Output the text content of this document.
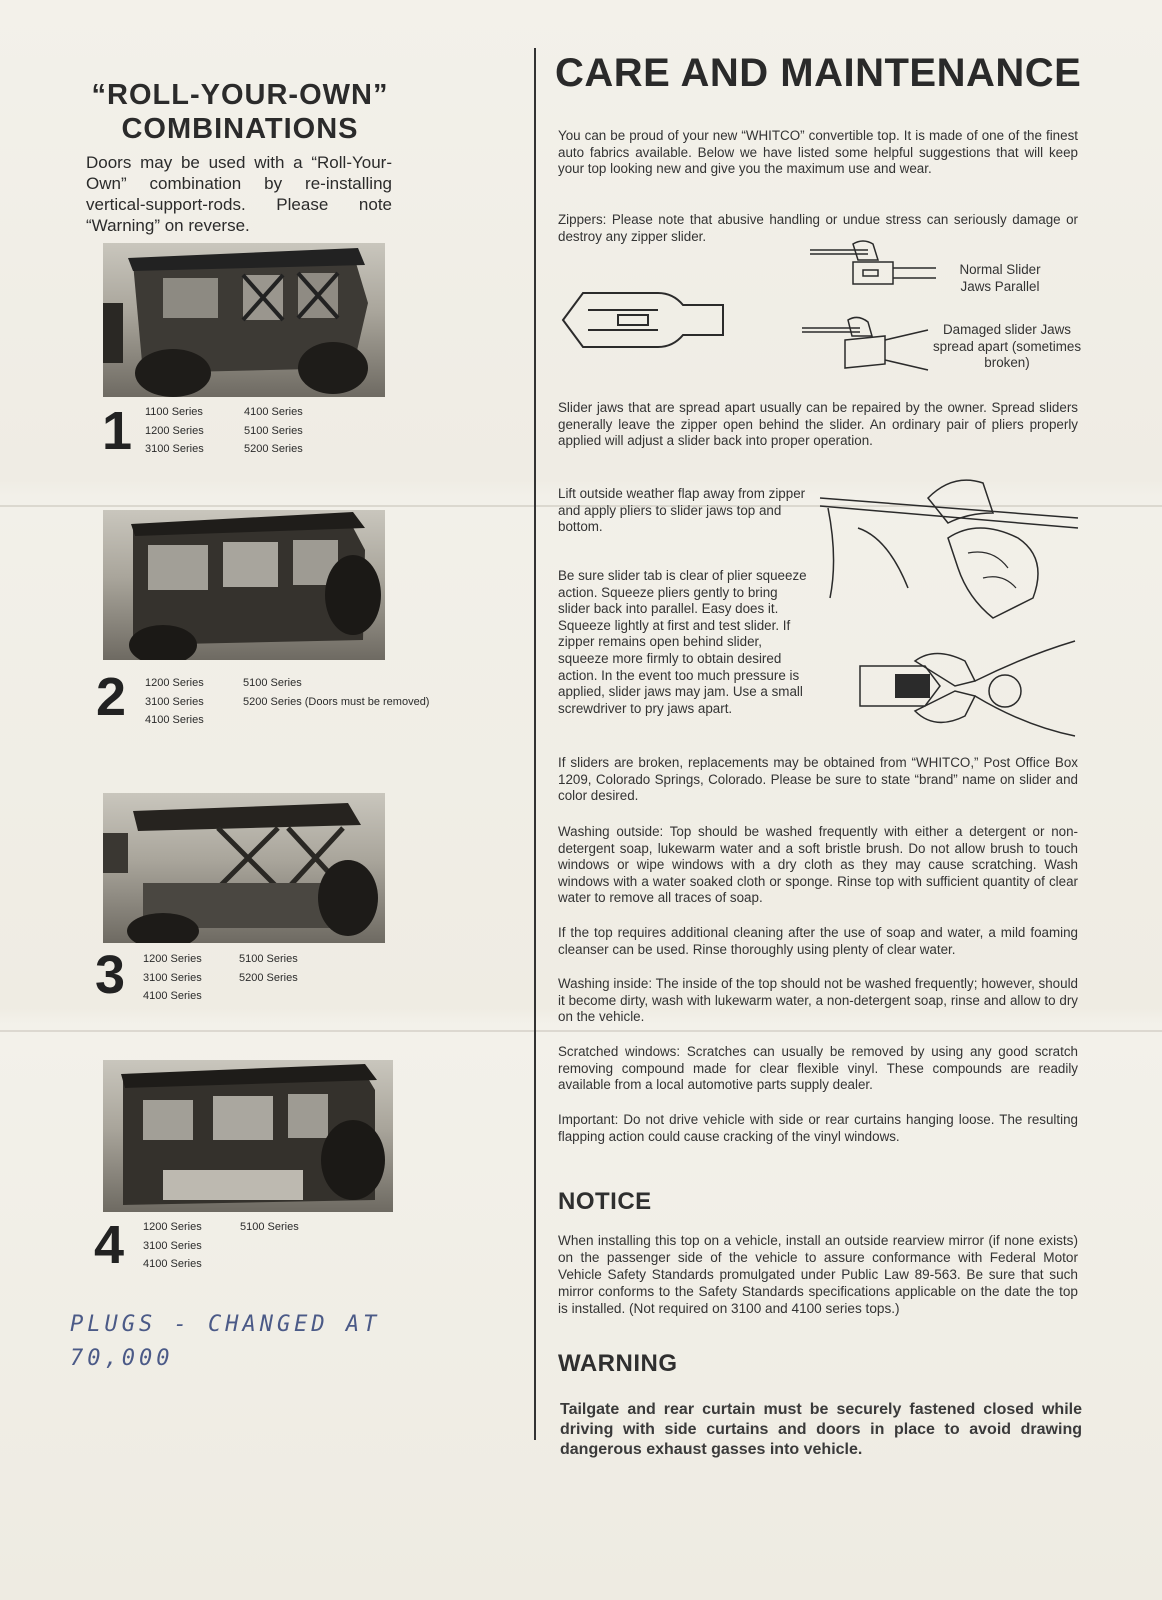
“ROLL-YOUR-OWN”
COMBINATIONS
Doors may be used with a “Roll-Your-Own” combination by re-installing vertical-support-rods. Please note “Warning” on reverse.
1 1100 Series
1200 Series
3100 Series
4100 Series
5100 Series
5200 Series
2 1200 Series
3100 Series
4100 Series
5100 Series
5200 Series (Doors must be removed)
3 1200 Series
3100 Series
4100 Series
5100 Series
5200 Series
4 1200 Series
3100 Series
4100 Series
5100 Series
PLUGS - CHANGED AT
70,000
CARE AND MAINTENANCE
You can be proud of your new “WHITCO” convertible top. It is made of one of the finest auto fabrics available. Below we have listed some helpful suggestions that will keep your top looking new and give you the maximum use and wear.
Zippers: Please note that abusive handling or undue stress can seriously damage or destroy any zipper slider.
Normal Slider Jaws Parallel
Damaged slider Jaws spread apart (sometimes broken)
Slider jaws that are spread apart usually can be repaired by the owner. Spread sliders generally leave the zipper open behind the slider. An ordinary pair of pliers properly applied will adjust a slider back into proper operation.
Lift outside weather flap away from zipper and apply pliers to slider jaws top and bottom.
Be sure slider tab is clear of plier squeeze action. Squeeze pliers gently to bring slider back into parallel. Easy does it. Squeeze lightly at first and test slider. If zipper remains open behind slider, squeeze more firmly to obtain desired action. In the event too much pressure is applied, slider jaws may jam. Use a small screwdriver to pry jaws apart.
If sliders are broken, replacements may be obtained from “WHITCO,” Post Office Box 1209, Colorado Springs, Colorado. Please be sure to state “brand” name on slider and color desired.
Washing outside: Top should be washed frequently with either a detergent or non-detergent soap, lukewarm water and a soft bristle brush. Do not allow brush to touch windows or wipe windows with a dry cloth as they may cause scratching. Wash windows with a water soaked cloth or sponge. Rinse top with sufficient quantity of clear water to remove all traces of soap.
If the top requires additional cleaning after the use of soap and water, a mild foaming cleanser can be used. Rinse thoroughly using plenty of clear water.
Washing inside: The inside of the top should not be washed frequently; however, should it become dirty, wash with lukewarm water, a non-detergent soap, rinse and allow to dry on the vehicle.
Scratched windows: Scratches can usually be removed by using any good scratch removing compound made for clear flexible vinyl. These compounds are readily available from a local automotive parts supply dealer.
Important: Do not drive vehicle with side or rear curtains hanging loose. The resulting flapping action could cause cracking of the vinyl windows.
NOTICE
When installing this top on a vehicle, install an outside rearview mirror (if none exists) on the passenger side of the vehicle to assure conformance with Federal Motor Vehicle Safety Standards promulgated under Public Law 89-563. Be sure that such mirror conforms to the Safety Standards specifications applicable on the date the top is installed. (Not required on 3100 and 4100 series tops.)
WARNING
Tailgate and rear curtain must be securely fastened closed while driving with side curtains and doors in place to avoid drawing dangerous exhaust gasses into vehicle.
